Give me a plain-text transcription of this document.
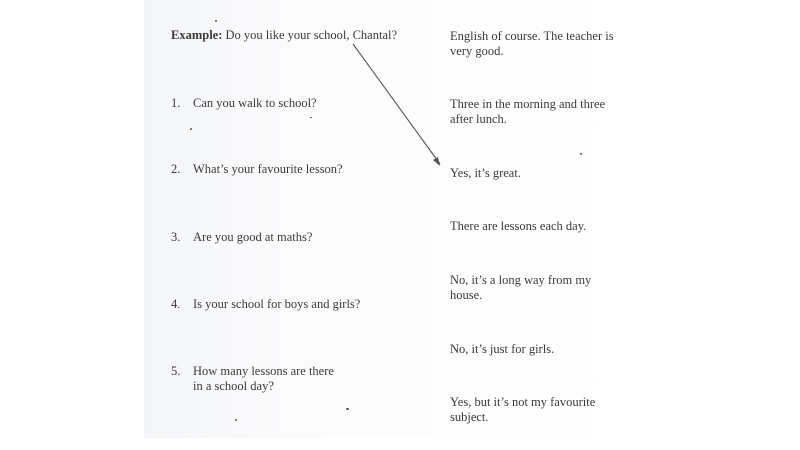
Example: Do you like your school, Chantal?
1. Can you walk to school?
2. What’s your favourite lesson?
3. Are you good at maths?
4. Is your school for boys and girls?
5. How many lessons are there
in a school day?
English of course. The teacher is
very good.
Three in the morning and three
after lunch.
Yes, it’s great.
There are lessons each day.
No, it’s a long way from my
house.
No, it’s just for girls.
Yes, but it’s not my favourite
subject.
